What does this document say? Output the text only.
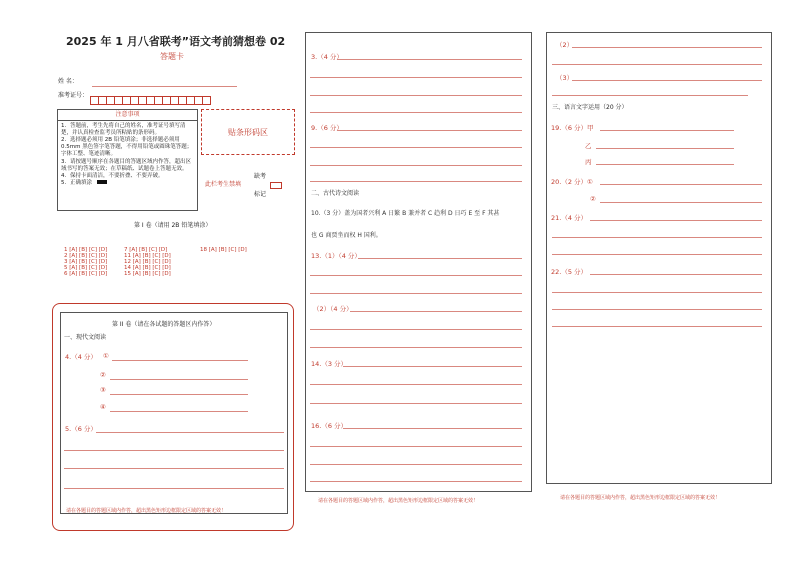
2025 年 1 月八省联考”语文考前猜想卷 02
答题卡
姓 名：
准考证号：
注意事项
1．答题前，考生先将自己的姓名，准考证号填写清楚，并认真检查监考员所粘贴的条形码。
2．选择题必须用 2B 铅笔填涂；非选择题必须用 0.5mm 黑色签字笔答题，不得用铅笔或圆珠笔答题；字体工整、笔迹清晰。
3．请按题号顺序在各题目的答题区域内作答，超出区域书写的答案无效；在草稿纸、试题卷上答题无效。
4．保持卡面清洁，不要折叠、不要弄破。
5．正确填涂
贴条形码区
此栏考生禁填
缺考
标记
第 I 卷（请用 2B 铅笔填涂）
1 [A] [B] [C] [D]
2 [A] [B] [C] [D]
3 [A] [B] [C] [D]
5 [A] [B] [C] [D]
6 [A] [B] [C] [D]
7 [A] [B] [C] [D]
11 [A] [B] [C] [D]
12 [A] [B] [C] [D]
14 [A] [B] [C] [D]
15 [A] [B] [C] [D]
18 [A] [B] [C] [D]
第 II 卷（请在各试题的答题区内作答）
一、现代文阅读
4.（4 分） ①
②
③
④
5.（6 分）
请在各题目的答题区域内作答，超出黑色矩形边框限定区域的答案无效！
3.（4 分）
9.（6 分）
二、古代诗文阅读
10.（3 分）盖为国者兴利 A 日繁 B 兼并者 C 趋利 D 日巧 E 至 F 其甚
也 G 商贾坐而权 H 国利。
13.（1）（4 分）
（2）（4 分）
14.（3 分）
16.（6 分）
请在各题目的答题区域内作答，超出黑色矩形边框限定区域的答案无效！
（2）
（3）
三、语言文字运用（20 分）
19.（6 分）甲
乙
丙
20.（2 分）①
②
21.（4 分）
22.（5 分）
请在各题目的答题区域内作答，超出黑色矩形边框限定区域的答案无效！
